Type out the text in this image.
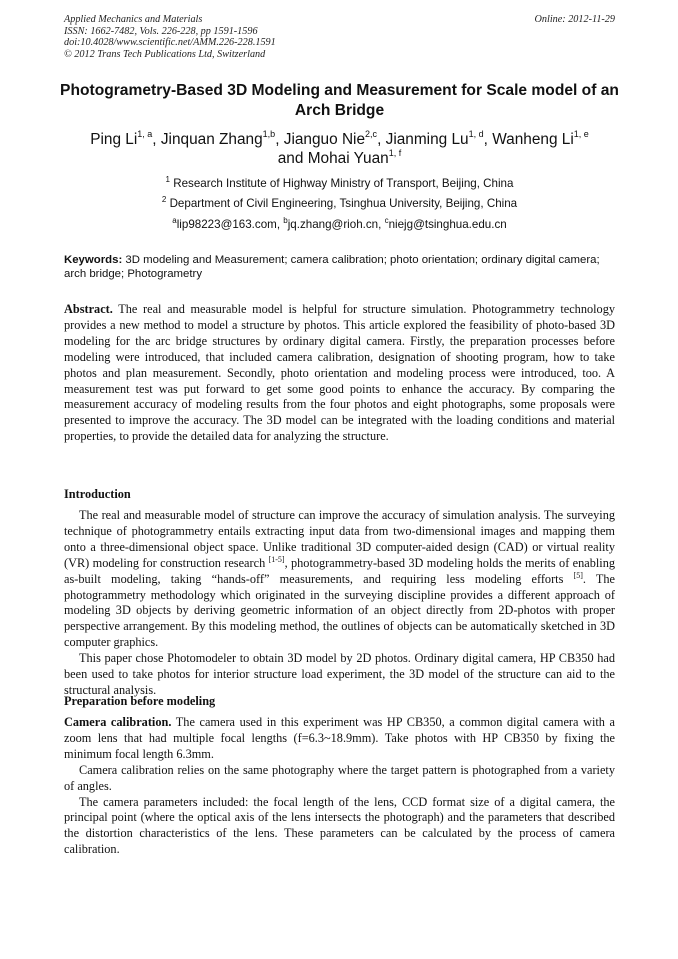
Applied Mechanics and Materials
ISSN: 1662-7482, Vols. 226-228, pp 1591-1596
doi:10.4028/www.scientific.net/AMM.226-228.1591
© 2012 Trans Tech Publications Ltd, Switzerland
Online: 2012-11-29
Photogrametry-Based 3D Modeling and Measurement for Scale model of an Arch Bridge
Ping Li$^{1, a}$, Jinquan Zhang$^{1,b}$, Jianguo Nie$^{2,c}$, Jianming Lu$^{1, d}$, Wanheng Li$^{1, e}$
and Mohai Yuan$^{1, f}$
$^1$ Research Institute of Highway Ministry of Transport, Beijing, China
$^2$ Department of Civil Engineering, Tsinghua University, Beijing, China
$^a$lip98223@163.com, $^b$jq.zhang@rioh.cn, $^c$niejg@tsinghua.edu.cn
Keywords: 3D modeling and Measurement; camera calibration; photo orientation; ordinary digital camera; arch bridge; Photogrametry

Abstract. The real and measurable model is helpful for structure simulation. Photogrammetry technology provides a new method to model a structure by photos. This article explored the feasibility of photo-based 3D modeling for the arc bridge structures by ordinary digital camera. Firstly, the preparation processes before modeling were introduced, that included camera calibration, designation of shooting program, how to take photos and plan measurement. Secondly, photo orientation and modeling process were introduced, too. A measurement test was put forward to get some good points to enhance the accuracy. By comparing the measurement accuracy of modeling results from the four photos and eight photographs, some proposals were presented to improve the accuracy. The 3D model can be integrated with the loading conditions and material properties, to provide the detailed data for analyzing the structure.

Introduction

The real and measurable model of structure can improve the accuracy of simulation analysis. The surveying technique of photogrammetry entails extracting input data from two-dimensional images and mapping them onto a three-dimensional object space. Unlike traditional 3D computer-aided design (CAD) or virtual reality (VR) modeling for construction research [1-5], photogrammetry-based 3D modeling holds the merits of enabling as-built modeling, taking “hands-off” measurements, and requiring less modeling efforts [5]. The photogrammetry methodology which originated in the surveying discipline provides a different approach of modeling 3D objects by deriving geometric information of an object directly from 2D-photos with proper perspective arrangement. By this modeling method, the outlines of objects can be automatically sketched in 3D computer graphics.

This paper chose Photomodeler to obtain 3D model by 2D photos. Ordinary digital camera, HP CB350 had been used to take photos for interior structure load experiment, the 3D model of the structure can aid to the structural analysis.

Preparation before modeling

Camera calibration. The camera used in this experiment was HP CB350, a common digital camera with a zoom lens that had multiple focal lengths (f=6.3~18.9mm). Take photos with HP CB350 by fixing the minimum focal length 6.3mm.

Camera calibration relies on the same photography where the target pattern is photographed from a variety of angles.

The camera parameters included: the focal length of the lens, CCD format size of a digital camera, the principal point (where the optical axis of the lens intersects the photograph) and the parameters that described the distortion characteristics of the lens. These parameters can be calculated by the process of camera calibration.
